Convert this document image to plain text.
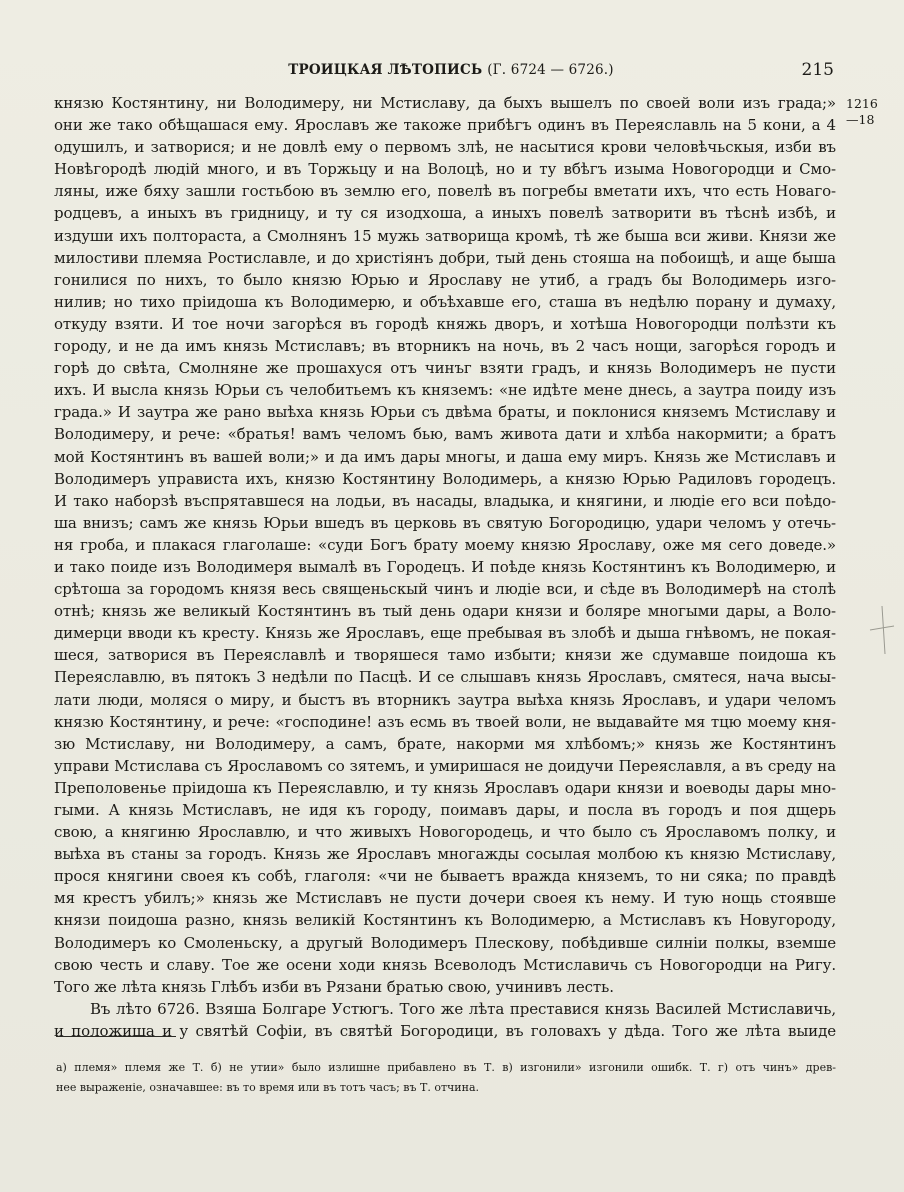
ТРОИЦКАЯ ЛѢТОПИСЬ (Г. 6724 — 6726.)	215
1216
—18
князю Костянтину, ни Володимеру, ни Мстиславу, да быхъ вышелъ по своей воли изъ града;»
они же тако обѣщашася ему. Ярославъ же такоже прибѣгъ одинъ въ Переяславль на 5 кони, а 4
одушилъ, и затворися; и не довлѣ ему о первомъ злѣ, не насытися крови человѣчьскыя, изби въ
Новѣгородѣ людій много, и въ Торжьцу и на Волоцѣ, но и ту вбѣгъ изыма Новогородци и Смо-
ляны, иже бяху зашли гостьбою въ землю его, повелѣ въ погребы вметати ихъ, что есть Новаго-
родцевъ, а иныхъ въ гридницу, и ту ся изодхоша, а иныхъ повелѣ затворити въ тѣснѣ избѣ, и
издуши ихъ полтораста, а Смолнянъ 15 мужь затворища кромѣ, тѣ же быша вси живи. Князи же
милостиви племяа Ростиславле, и до христіянъ добри, тый день стояша на побоищѣ, и аще быша
гонилися по нихъ, то было князю Юрью и Ярославу не утиб, а градъ бы Володимерь изго-
нилив; но тихо пріидоша къ Володимерю, и объѣхавше его, сташа въ недѣлю порану и думаху,
откуду взяти. И тое ночи загорѣся въ городѣ княжь дворъ, и хотѣша Новогородци полѣзти къ
городу, и не да имъ князь Мстиславъ; въ вторникъ на ночь, въ 2 часъ нощи, загорѣся городъ и
горѣ до свѣта, Смолняне же прошахуся отъ чинъг взяти градъ, и князь Володимеръ не пусти
ихъ. И высла князь Юрьи съ челобитьемъ къ княземъ: «не идѣте мене днесь, а заутра поиду изъ
града.» И заутра же рано выѣха князь Юрьи съ двѣма браты, и поклонися княземъ Мстиславу и
Володимеру, и рече: «братья! вамъ челомъ бью, вамъ живота дати и хлѣба накормити; а братъ
мой Костянтинъ въ вашей воли;» и да имъ дары многы, и даша ему миръ. Князь же Мстиславъ и
Володимеръ управиста ихъ, князю Костянтину Володимерь, а князю Юрью Радиловъ городецъ.
И тако наборзѣ въспрятавшеся на лодьи, въ насады, владыка, и княгини, и людіе его вси поѣдо-
ша внизъ; самъ же князь Юрьи вшедъ въ церковь въ святую Богородицю, удари челомъ у отечь-
ня гроба, и плакася глаголаше: «суди Богъ брату моему князю Ярославу, оже мя сего доведе.»
и тако поиде изъ Володимеря вымалѣ въ Городецъ. И поѣде князь Костянтинъ къ Володимерю, и
срѣтоша за городомъ князя весь священьскый чинъ и людіе вси, и сѣде въ Володимерѣ на столѣ
отнѣ; князь же великый Костянтинъ въ тый день одари князи и боляре многыми дары, а Воло-
димерци вводи къ кресту. Князь же Ярославъ, еще пребывая въ злобѣ и дыша гнѣвомъ, не покая-
шеся, затворися въ Переяславлѣ и творяшеся тамо избыти; князи же сдумавше поидоша къ
Переяславлю, въ пятокъ 3 недѣли по Пасцѣ. И се слышавъ князь Ярославъ, смятеся, нача высы-
лати люди, моляся о миру, и быстъ въ вторникъ заутра выѣха князь Ярославъ, и удари челомъ
князю Костянтину, и рече: «господине! азъ есмь въ твоей воли, не выдавайте мя тцю моему кня-
зю Мстиславу, ни Володимеру, а самъ, брате, накорми мя хлѣбомъ;» князь же Костянтинъ
управи Мстислава съ Ярославомъ со зятемъ, и умиришася не доидучи Переяславля, а въ среду на
Преполовеньe пріидоша къ Переяславлю, и ту князь Ярославъ одари князи и воеводы дары мно-
гыми. А князь Мстиславъ, не идя къ городу, поимавъ дары, и посла въ городъ и поя дщерь
свою, а княгиню Ярославлю, и что живыхъ Новогородець, и что было съ Ярославомъ полку, и
выѣха въ станы за городъ. Князь же Ярославъ многажды сосылая молбою къ князю Мстиславу,
прося княгини своея къ собѣ, глаголя: «чи не бываетъ вражда княземъ, то ни сяка; по правдѣ
мя крестъ убилъ;» князь же Мстиславъ не пусти дочери своея къ нему. И тую нощь стоявше
князи поидоша разно, князь великій Костянтинъ къ Володимерю, а Мстиславъ къ Новугороду,
Володимеръ ко Смоленьску, а другый Володимеръ Плескову, побѣдивше силніи полкы, вземше
свою честь и славу. Тое же осени ходи князь Всеволодъ Мстиславичь съ Новогородци на Ригу.
Того же лѣта князь Глѣбъ изби въ Рязани братью свою, учинивъ лесть.
Въ лѣто 6726. Взяша Болгаре Устюгъ. Того же лѣта преставися князь Василей Мстиславичь,
и положиша и у святѣй Софіи, въ святѣй Богородици, въ головахъ у дѣда. Того же лѣта выиде
а) племя» племя же Т. б) не утии» было излишне прибавлено въ Т. в) изгонили» изгонили ошибк. Т. г) отъ чинъ» древ-
нее выраженіе, означавшее: въ то время или въ тотъ часъ; въ Т. отчина.
